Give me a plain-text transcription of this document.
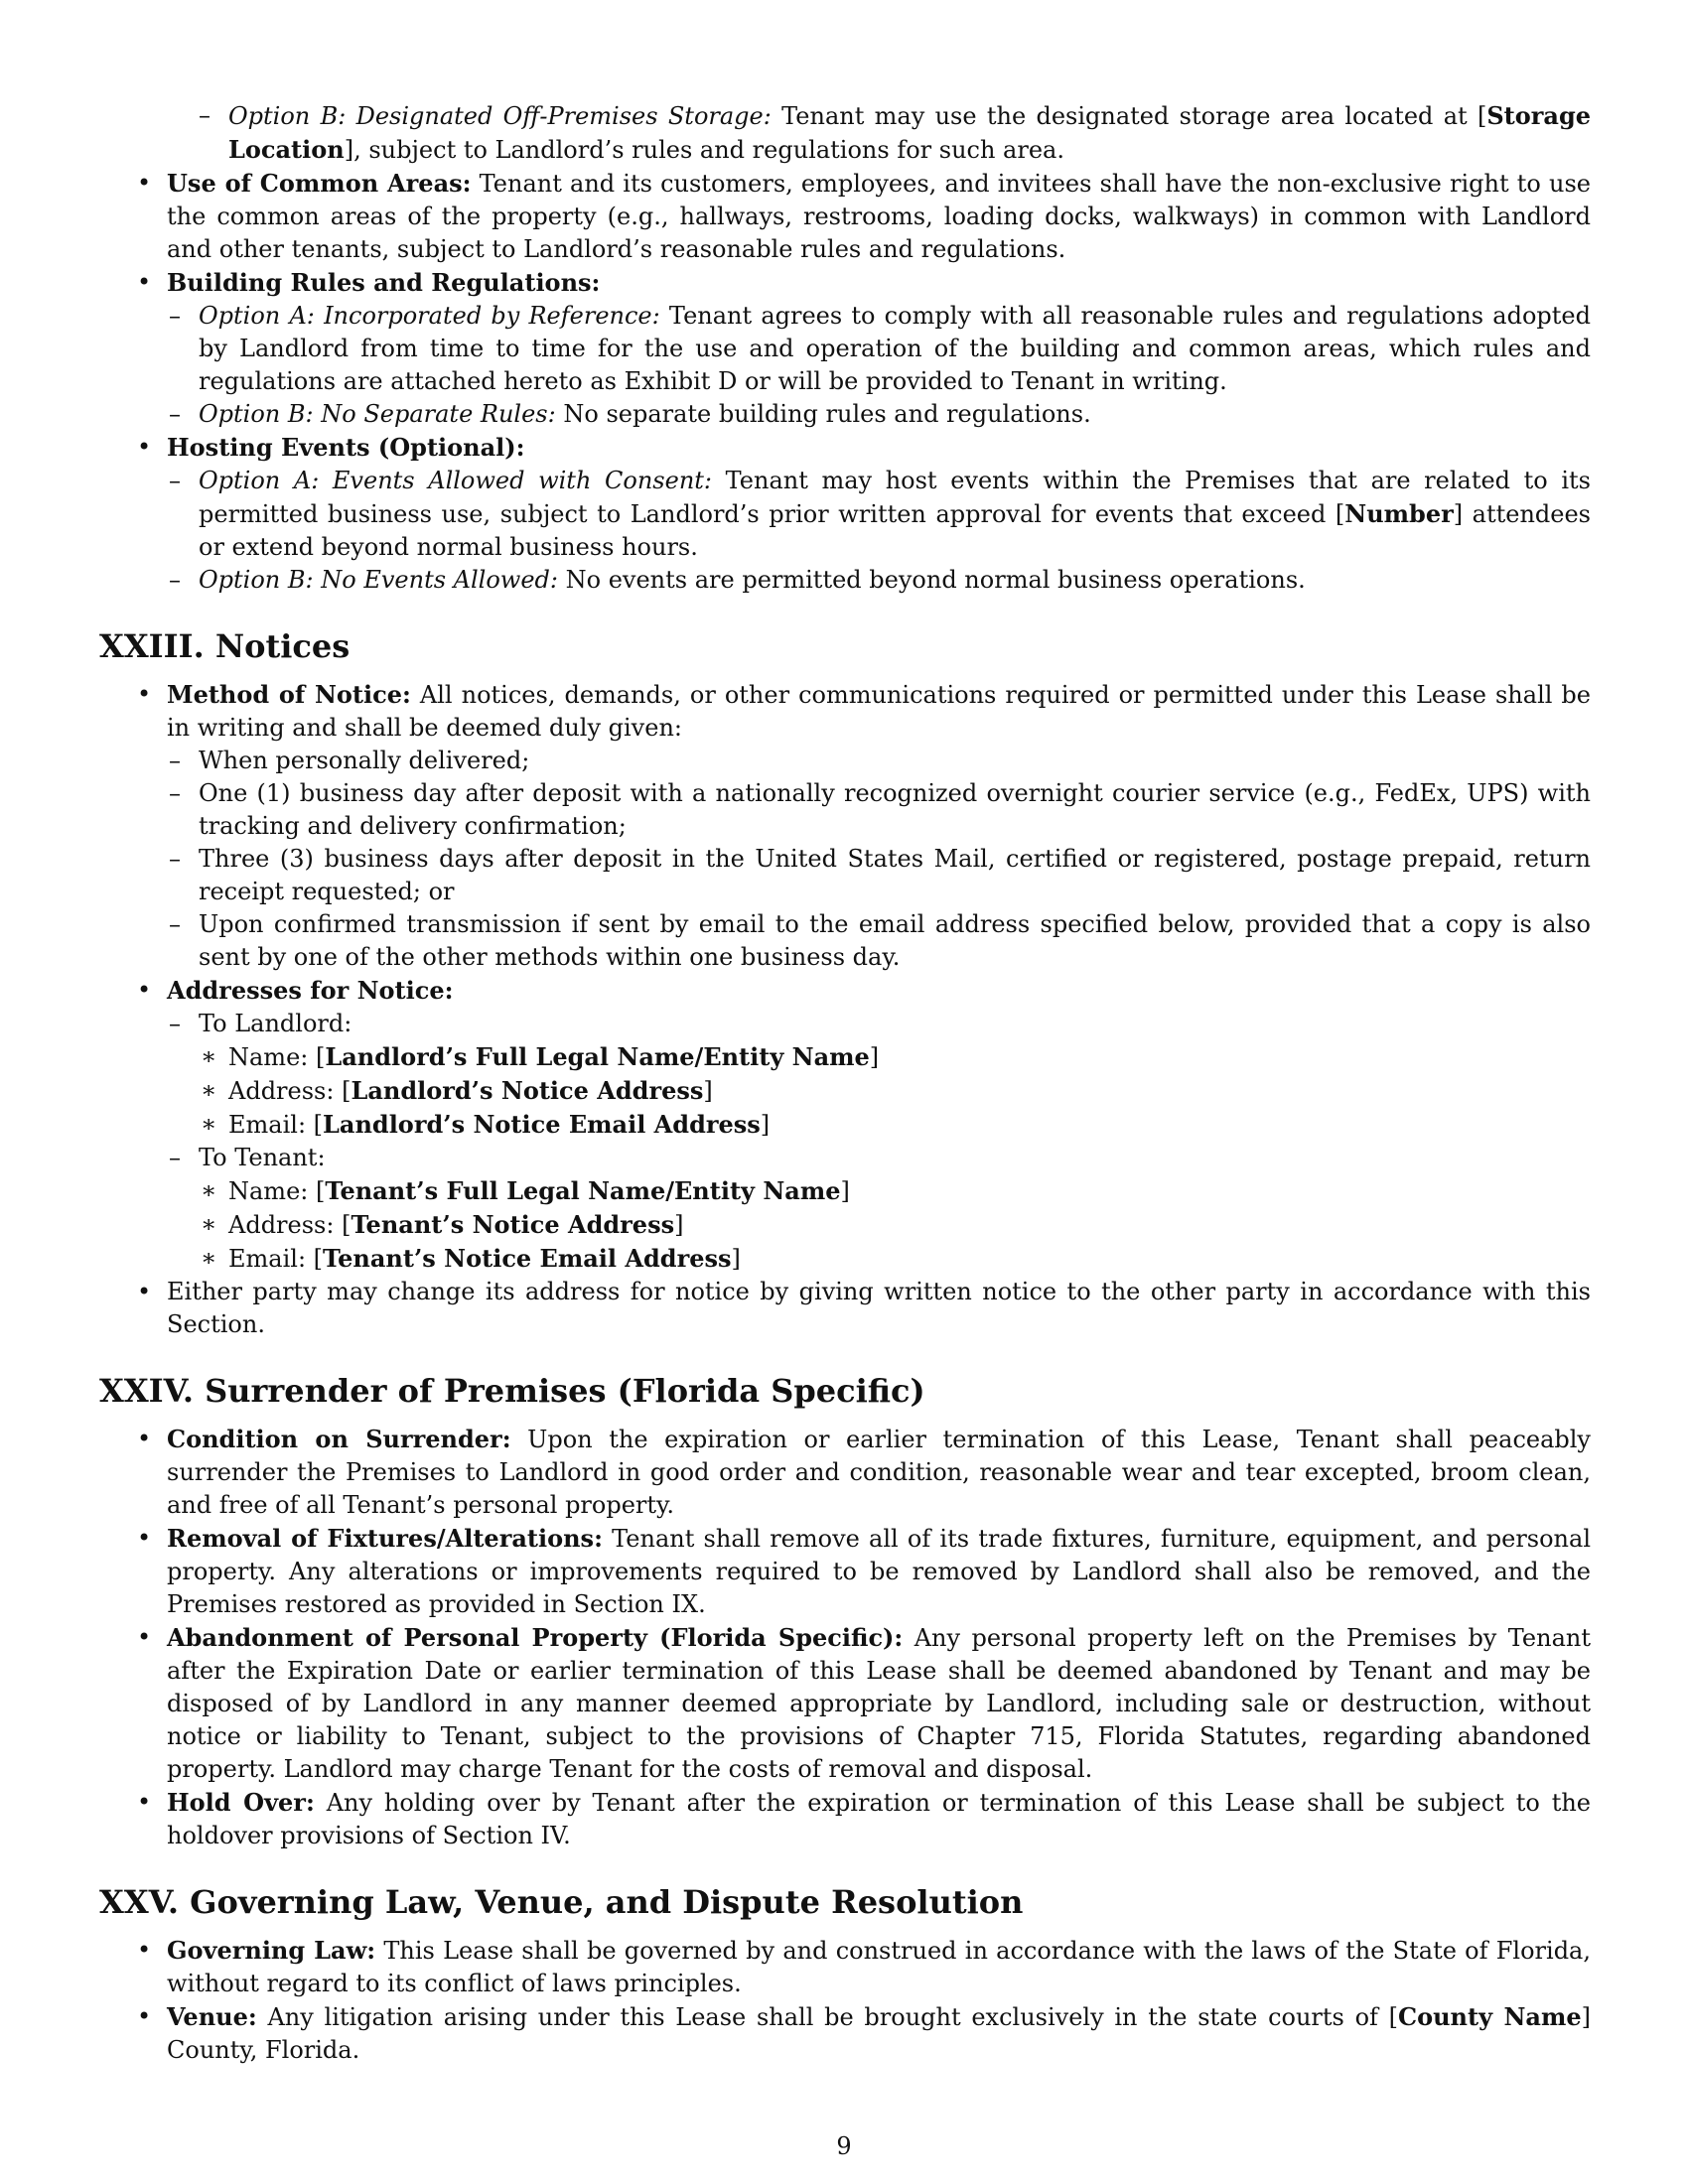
– Option B: Designated Off-Premises Storage: Tenant may use the designated storage area located at [Storage Location], subject to Landlord’s rules and regulations for such area.
• Use of Common Areas: Tenant and its customers, employees, and invitees shall have the non-exclusive right to use the common areas of the property (e.g., hallways, restrooms, loading docks, walkways) in common with Landlord and other tenants, subject to Landlord’s reasonable rules and regulations.
• Building Rules and Regulations:
– Option A: Incorporated by Reference: Tenant agrees to comply with all reasonable rules and regulations adopted by Landlord from time to time for the use and operation of the building and common areas, which rules and regulations are attached hereto as Exhibit D or will be provided to Tenant in writing.
– Option B: No Separate Rules: No separate building rules and regulations.
• Hosting Events (Optional):
– Option A: Events Allowed with Consent: Tenant may host events within the Premises that are related to its permitted business use, subject to Landlord’s prior written approval for events that exceed [Number] attendees or extend beyond normal business hours.
– Option B: No Events Allowed: No events are permitted beyond normal business operations.
XXIII. Notices
• Method of Notice: All notices, demands, or other communications required or permitted under this Lease shall be in writing and shall be deemed duly given:
– When personally delivered;
– One (1) business day after deposit with a nationally recognized overnight courier service (e.g., FedEx, UPS) with tracking and delivery confirmation;
– Three (3) business days after deposit in the United States Mail, certified or registered, postage prepaid, return receipt requested; or
– Upon confirmed transmission if sent by email to the email address specified below, provided that a copy is also sent by one of the other methods within one business day.
• Addresses for Notice:
– To Landlord:
∗ Name: [Landlord’s Full Legal Name/Entity Name]
∗ Address: [Landlord’s Notice Address]
∗ Email: [Landlord’s Notice Email Address]
– To Tenant:
∗ Name: [Tenant’s Full Legal Name/Entity Name]
∗ Address: [Tenant’s Notice Address]
∗ Email: [Tenant’s Notice Email Address]
• Either party may change its address for notice by giving written notice to the other party in accordance with this Section.
XXIV. Surrender of Premises (Florida Specific)
• Condition on Surrender: Upon the expiration or earlier termination of this Lease, Tenant shall peaceably surrender the Premises to Landlord in good order and condition, reasonable wear and tear excepted, broom clean, and free of all Tenant’s personal property.
• Removal of Fixtures/Alterations: Tenant shall remove all of its trade fixtures, furniture, equipment, and personal property. Any alterations or improvements required to be removed by Landlord shall also be removed, and the Premises restored as provided in Section IX.
• Abandonment of Personal Property (Florida Specific): Any personal property left on the Premises by Tenant after the Expiration Date or earlier termination of this Lease shall be deemed abandoned by Tenant and may be disposed of by Landlord in any manner deemed appropriate by Landlord, including sale or destruction, without notice or liability to Tenant, subject to the provisions of Chapter 715, Florida Statutes, regarding abandoned property. Landlord may charge Tenant for the costs of removal and disposal.
• Hold Over: Any holding over by Tenant after the expiration or termination of this Lease shall be subject to the holdover provisions of Section IV.
XXV. Governing Law, Venue, and Dispute Resolution
• Governing Law: This Lease shall be governed by and construed in accordance with the laws of the State of Florida, without regard to its conflict of laws principles.
• Venue: Any litigation arising under this Lease shall be brought exclusively in the state courts of [County Name] County, Florida.
9
